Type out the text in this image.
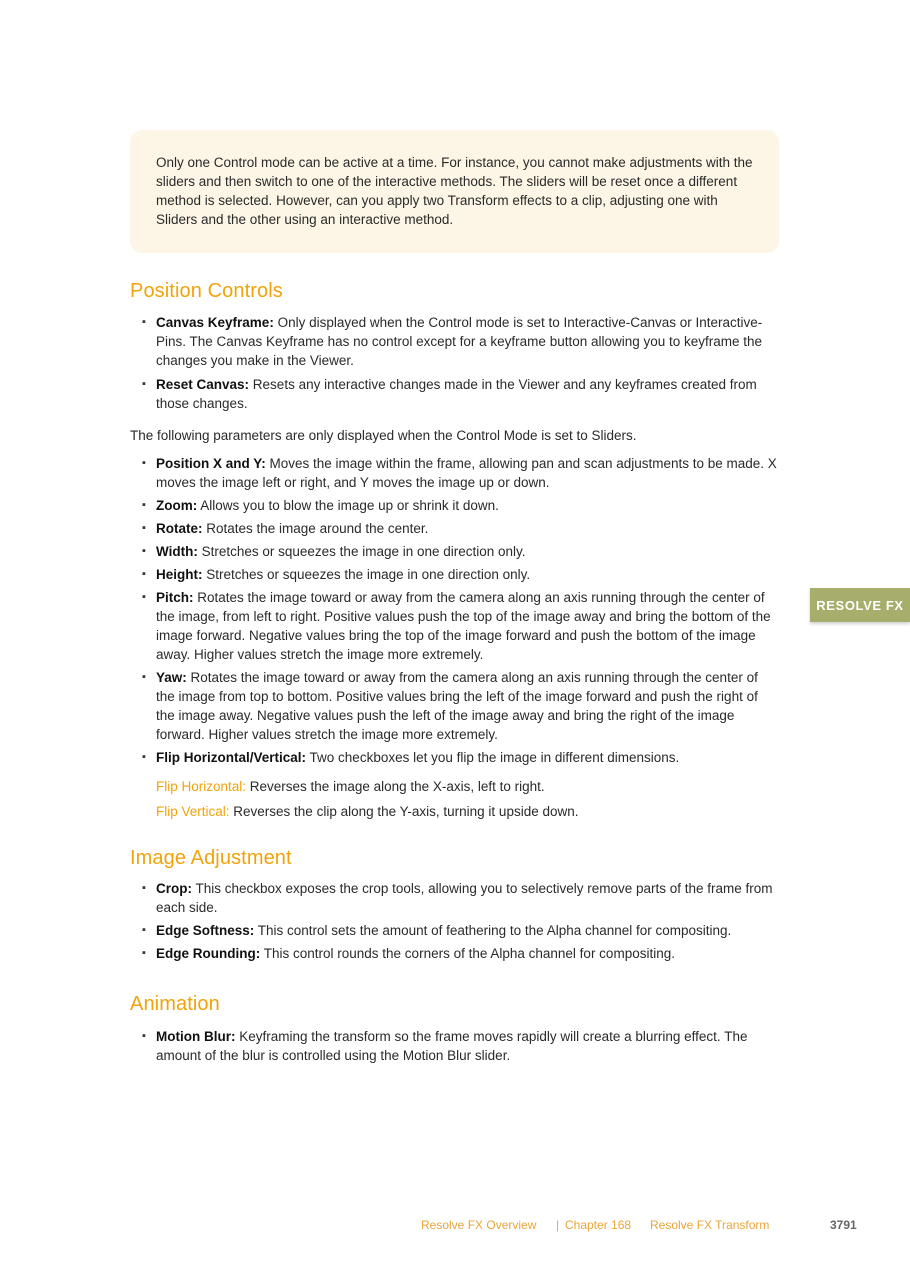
Only one Control mode can be active at a time. For instance, you cannot make adjustments with the sliders and then switch to one of the interactive methods. The sliders will be reset once a different method is selected. However, can you apply two Transform effects to a clip, adjusting one with Sliders and the other using an interactive method.

Position Controls
▪ Canvas Keyframe: Only displayed when the Control mode is set to Interactive-Canvas or Interactive-Pins. The Canvas Keyframe has no control except for a keyframe button allowing you to keyframe the changes you make in the Viewer.
▪ Reset Canvas: Resets any interactive changes made in the Viewer and any keyframes created from those changes.

The following parameters are only displayed when the Control Mode is set to Sliders.

▪ Position X and Y: Moves the image within the frame, allowing pan and scan adjustments to be made. X moves the image left or right, and Y moves the image up or down.
▪ Zoom: Allows you to blow the image up or shrink it down.
▪ Rotate: Rotates the image around the center.
▪ Width: Stretches or squeezes the image in one direction only.
▪ Height: Stretches or squeezes the image in one direction only.
▪ Pitch: Rotates the image toward or away from the camera along an axis running through the center of the image, from left to right. Positive values push the top of the image away and bring the bottom of the image forward. Negative values bring the top of the image forward and push the bottom of the image away. Higher values stretch the image more extremely.
▪ Yaw: Rotates the image toward or away from the camera along an axis running through the center of the image from top to bottom. Positive values bring the left of the image forward and push the right of the image away. Negative values push the left of the image away and bring the right of the image forward. Higher values stretch the image more extremely.
▪ Flip Horizontal/Vertical: Two checkboxes let you flip the image in different dimensions.

Flip Horizontal: Reverses the image along the X-axis, left to right.

Flip Vertical: Reverses the clip along the Y-axis, turning it upside down.

Image Adjustment
▪ Crop: This checkbox exposes the crop tools, allowing you to selectively remove parts of the frame from each side.
▪ Edge Softness: This control sets the amount of feathering to the Alpha channel for compositing.
▪ Edge Rounding: This control rounds the corners of the Alpha channel for compositing.
Animation
▪ Motion Blur: Keyframing the transform so the frame moves rapidly will create a blurring effect. The amount of the blur is controlled using the Motion Blur slider.
RESOLVE FX
Resolve FX Overview | Chapter 168 Resolve FX Transform	3791
